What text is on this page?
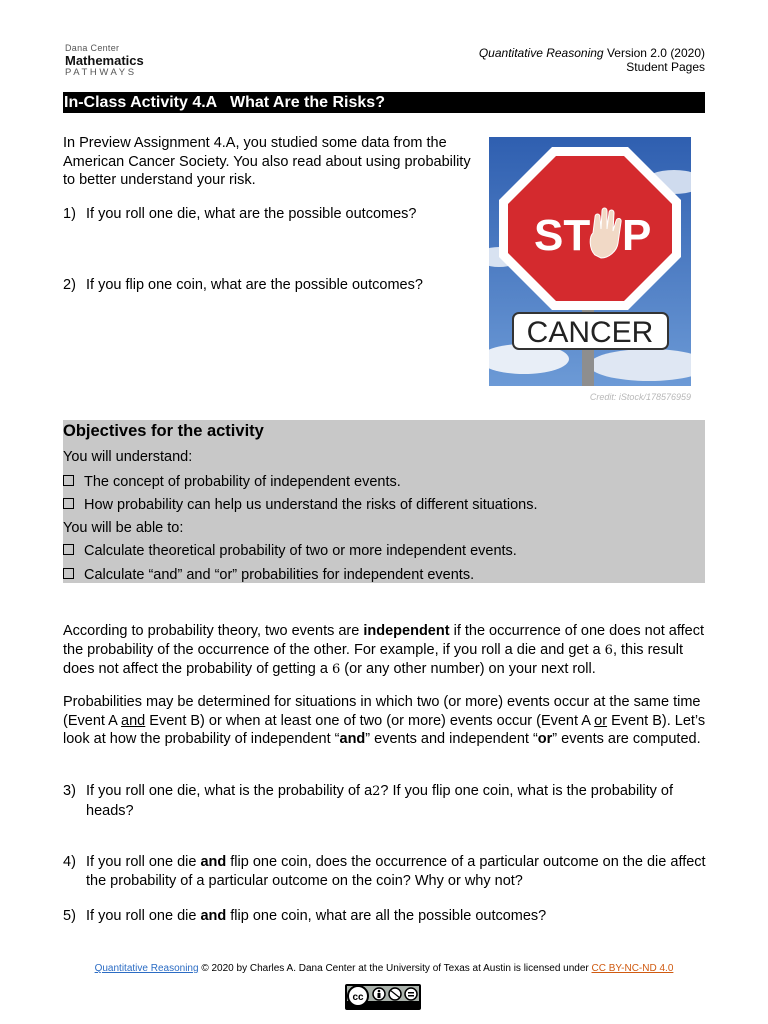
Dana Center
Mathematics
PATHWAYS
Quantitative Reasoning Version 2.0 (2020)
Student Pages
In-Class Activity 4.A   What Are the Risks?
In Preview Assignment 4.A, you studied some data from the American Cancer Society. You also read about using probability to better understand your risk.
1) If you roll one die, what are the possible outcomes?
2) If you flip one coin, what are the possible outcomes?
ST P
CANCER
Credit: iStock/178576959
Objectives for the activity
You will understand:
The concept of probability of independent events.
How probability can help us understand the risks of different situations.
You will be able to:
Calculate theoretical probability of two or more independent events.
Calculate “and” and “or” probabilities for independent events.
According to probability theory, two events are independent if the occurrence of one does not affect the probability of the occurrence of the other. For example, if you roll a die and get a 6, this result does not affect the probability of getting a 6 (or any other number) on your next roll.
Probabilities may be determined for situations in which two (or more) events occur at the same time (Event A and Event B) or when at least one of two (or more) events occur (Event A or Event B). Let’s look at how the probability of independent “and” events and independent “or” events are computed.
3) If you roll one die, what is the probability of a2? If you flip one coin, what is the probability of heads?
4) If you roll one die and flip one coin, does the occurrence of a particular outcome on the die affect the probability of a particular outcome on the coin? Why or why not?
5) If you roll one die and flip one coin, what are all the possible outcomes?
Quantitative Reasoning © 2020 by Charles A. Dana Center at the University of Texas at Austin is licensed under CC BY-NC-ND 4.0
cc
